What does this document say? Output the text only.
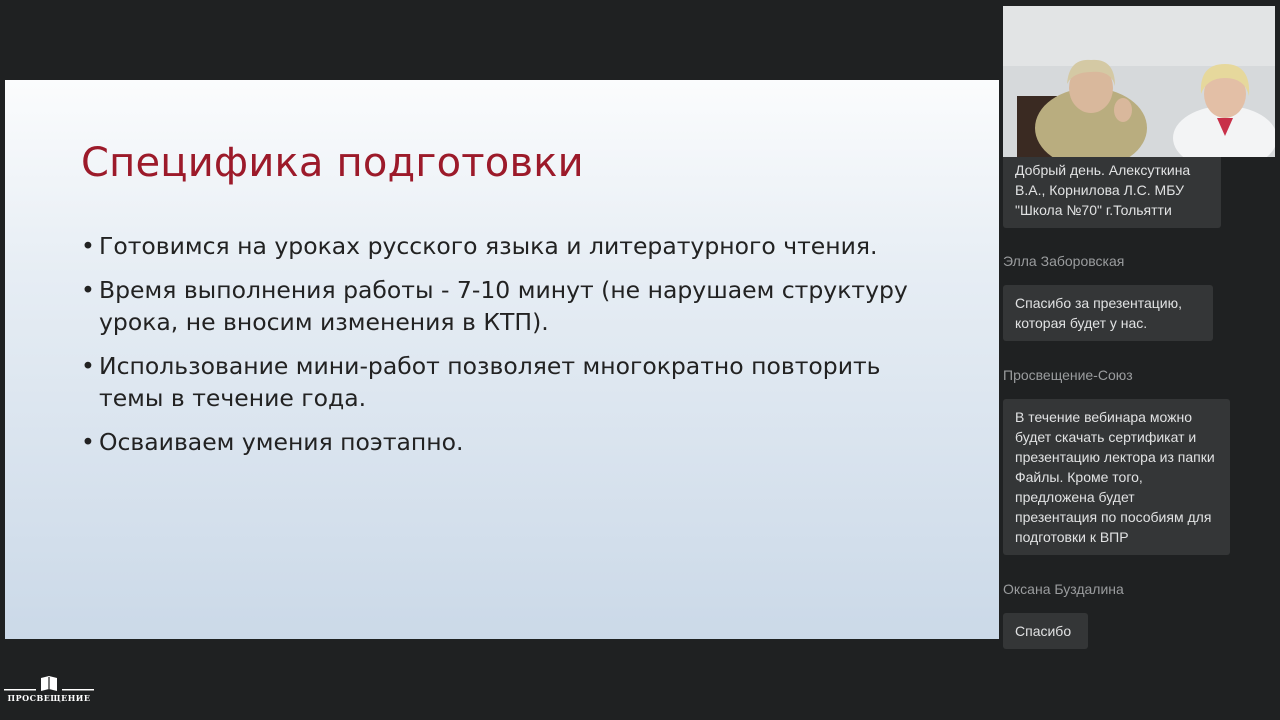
Специфика подготовки
• Готовимся на уроках русского языка и литературного чтения.
• Время выполнения работы - 7-10 минут (не нарушаем структуру урока, не вносим изменения в КТП).
• Использование мини-работ позволяет многократно повторить темы в течение года.
• Осваиваем умения поэтапно.
Добрый день. Алексуткина В.А., Корнилова Л.С. МБУ "Школа №70" г.Тольятти
Элла Заборовская
Спасибо за презентацию, которая будет у нас.
Просвещение-Союз
В течение вебинара можно будет скачать сертификат и презентацию лектора из папки Файлы. Кроме того, предложена будет презентация по пособиям для подготовки к ВПР
Оксана Буздалина
Спасибо
ПРОСВЕЩЕНИЕ
